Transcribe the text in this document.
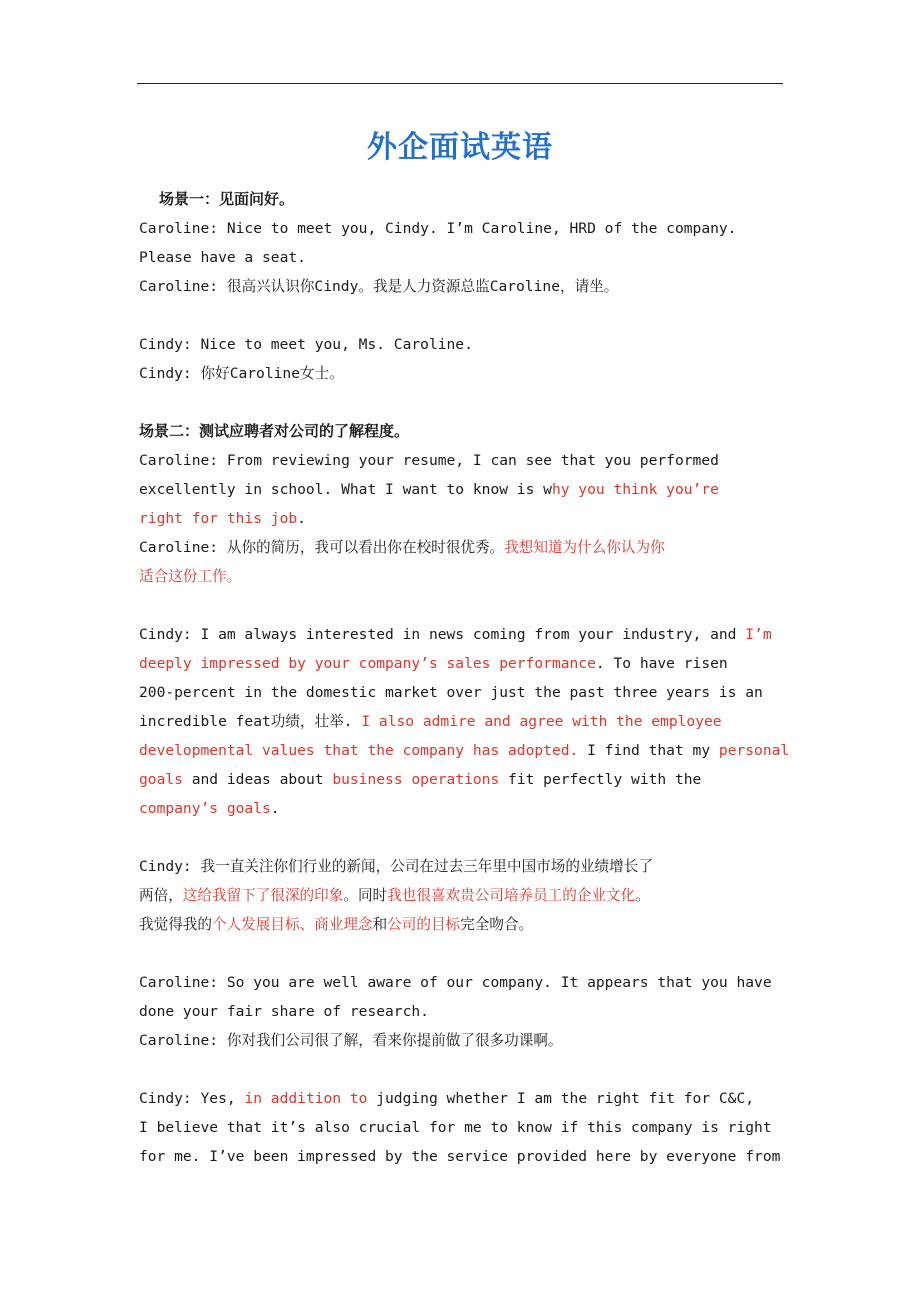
外企面试英语
场景一：见面问好。
Caroline: Nice to meet you, Cindy. I’m Caroline, HRD of the company.
Please have a seat.
Caroline: 很高兴认识你Cindy。我是人力资源总监Caroline，请坐。
Cindy: Nice to meet you, Ms. Caroline.
Cindy: 你好Caroline女士。
场景二：测试应聘者对公司的了解程度。
Caroline: From reviewing your resume, I can see that you performed
excellently in school. What I want to know is why you think you’re
right for this job.
Caroline: 从你的简历，我可以看出你在校时很优秀。我想知道为什么你认为你
适合这份工作。
Cindy: I am always interested in news coming from your industry, and I’m
deeply impressed by your company’s sales performance. To have risen
200-percent in the domestic market over just the past three years is an
incredible feat功绩，壮举. I also admire and agree with the employee
developmental values that the company has adopted. I find that my personal
goals and ideas about business operations fit perfectly with the
company’s goals.
Cindy: 我一直关注你们行业的新闻，公司在过去三年里中国市场的业绩增长了
两倍，这给我留下了很深的印象。同时我也很喜欢贵公司培养员工的企业文化。
我觉得我的个人发展目标、商业理念和公司的目标完全吻合。
Caroline: So you are well aware of our company. It appears that you have
done your fair share of research.
Caroline: 你对我们公司很了解，看来你提前做了很多功课啊。
Cindy: Yes, in addition to judging whether I am the right fit for C&C,
I believe that it’s also crucial for me to know if this company is right
for me. I’ve been impressed by the service provided here by everyone from
